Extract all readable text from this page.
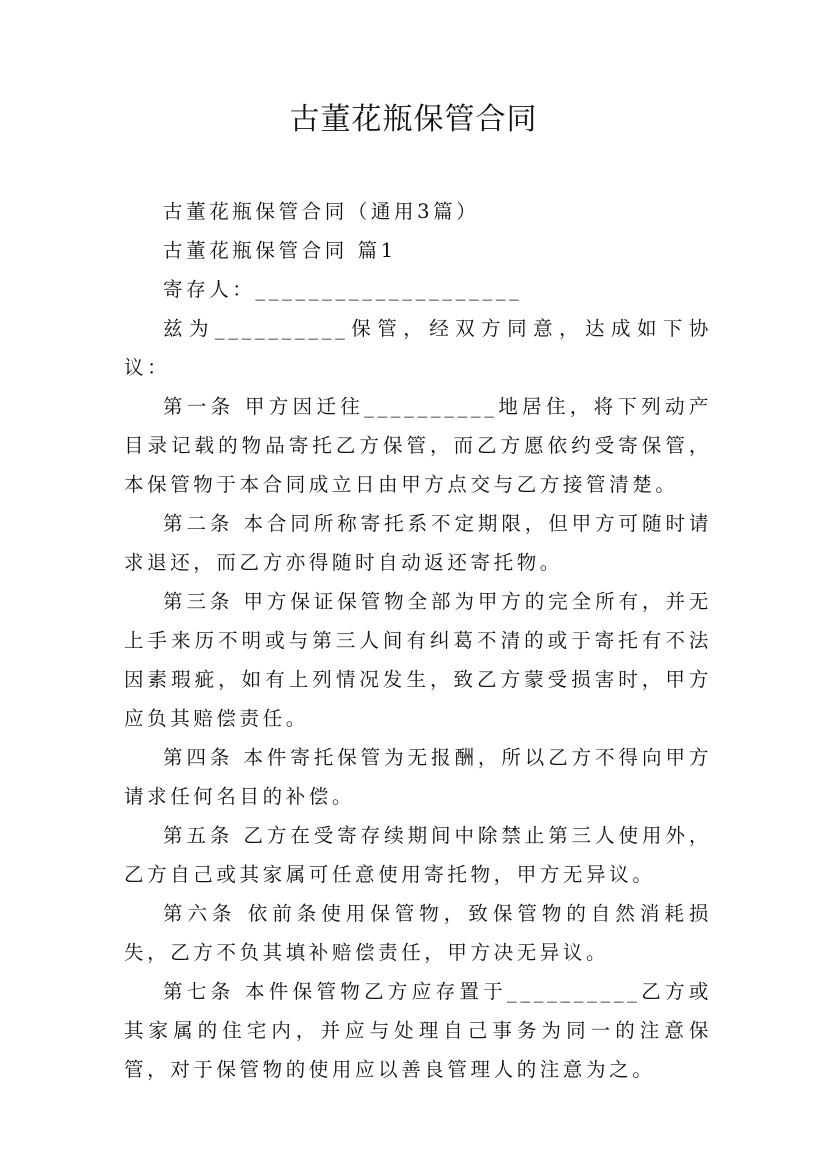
古董花瓶保管合同

古董花瓶保管合同（通用3篇）

古董花瓶保管合同 篇1

寄存人：____________________

兹为__________保管，经双方同意，达成如下协议：

第一条 甲方因迁往__________地居住，将下列动产目录记载的物品寄托乙方保管，而乙方愿依约受寄保管，本保管物于本合同成立日由甲方点交与乙方接管清楚。

第二条 本合同所称寄托系不定期限，但甲方可随时请求退还，而乙方亦得随时自动返还寄托物。

第三条 甲方保证保管物全部为甲方的完全所有，并无上手来历不明或与第三人间有纠葛不清的或于寄托有不法因素瑕疵，如有上列情况发生，致乙方蒙受损害时，甲方应负其赔偿责任。

第四条 本件寄托保管为无报酬，所以乙方不得向甲方请求任何名目的补偿。

第五条 乙方在受寄存续期间中除禁止第三人使用外，乙方自己或其家属可任意使用寄托物，甲方无异议。

第六条 依前条使用保管物，致保管物的自然消耗损失，乙方不负其填补赔偿责任，甲方决无异议。

第七条 本件保管物乙方应存置于__________乙方或其家属的住宅内，并应与处理自己事务为同一的注意保管，对于保管物的使用应以善良管理人的注意为之。
